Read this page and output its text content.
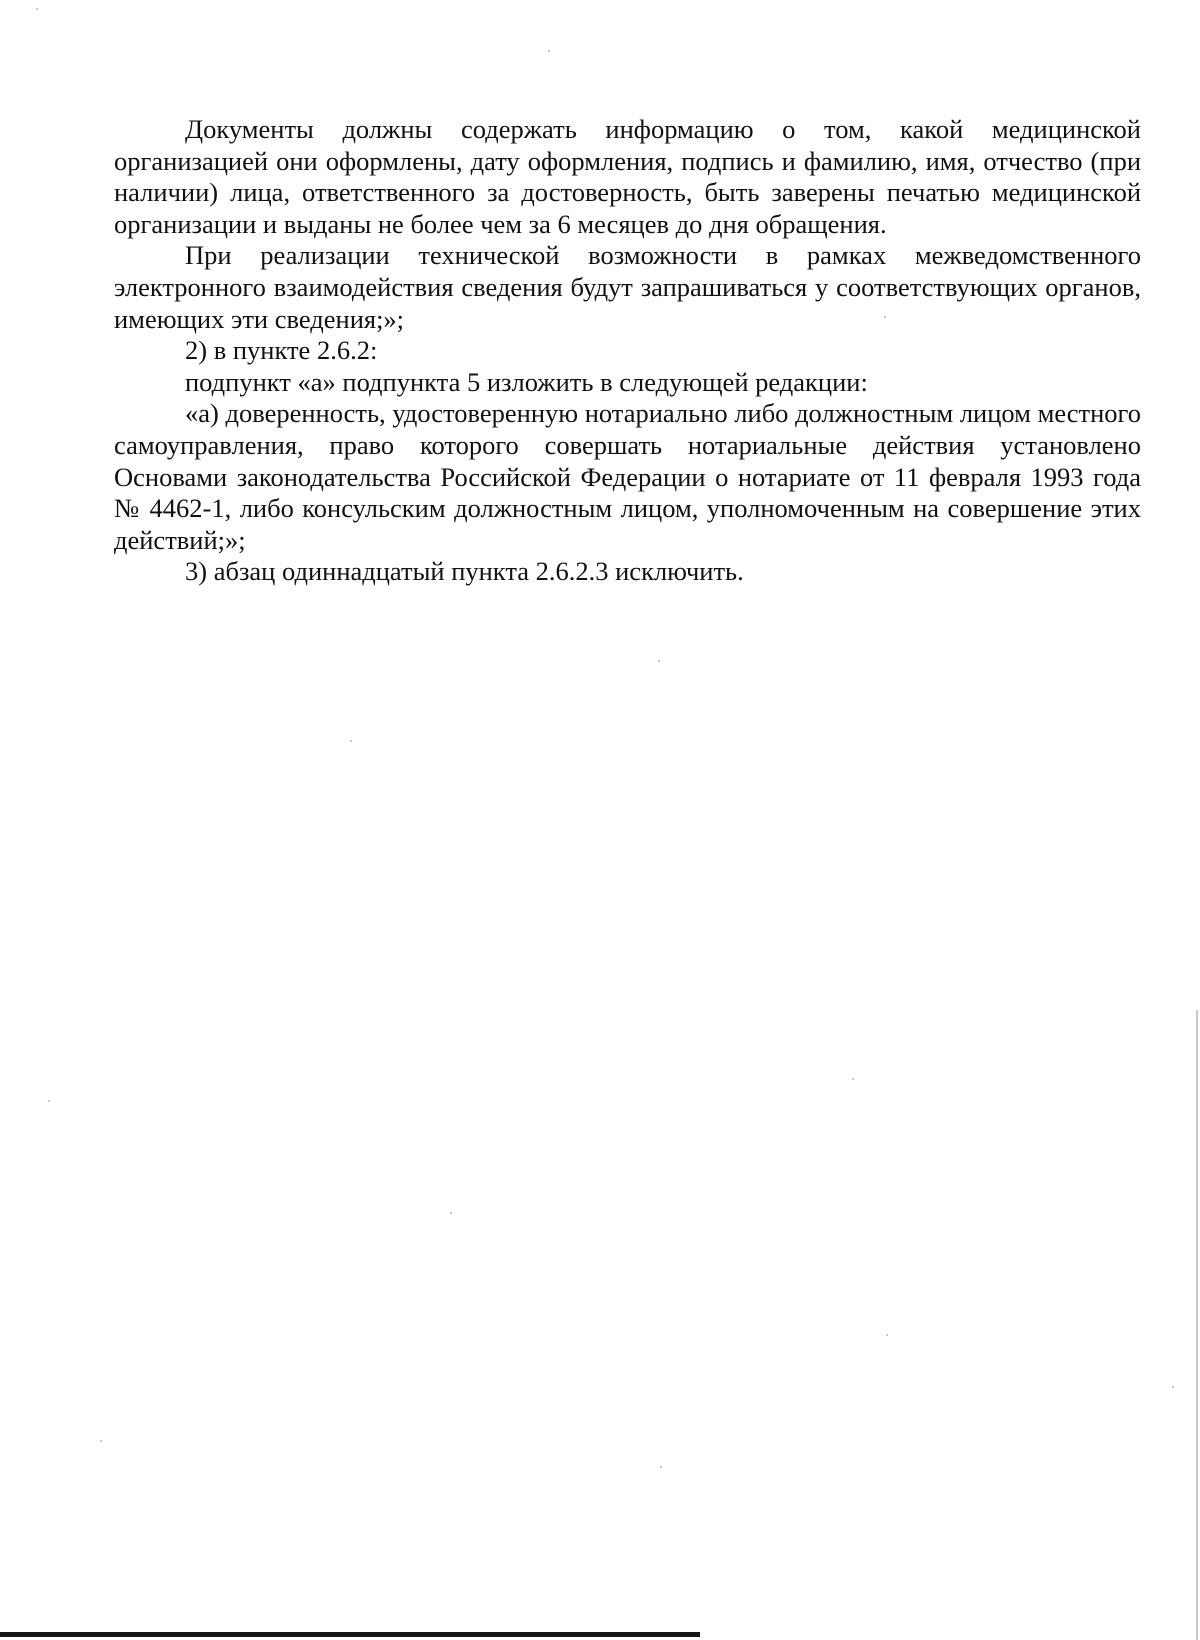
Документы должны содержать информацию о том, какой медицинской организацией они оформлены, дату оформления, подпись и фамилию, имя, отчество (при наличии) лица, ответственного за достоверность, быть заверены печатью медицинской организации и выданы не более чем за 6 месяцев до дня обращения.

При реализации технической возможности в рамках межведомственного электронного взаимодействия сведения будут запрашиваться у соответствующих органов, имеющих эти сведения;»;

2) в пункте 2.6.2:

подпункт «а» подпункта 5 изложить в следующей редакции:

«а) доверенность, удостоверенную нотариально либо должностным лицом местного самоуправления, право которого совершать нотариальные действия установлено Основами законодательства Российской Федерации о нотариате от 11 февраля 1993 года № 4462-1, либо консульским должностным лицом, уполномоченным на совершение этих действий;»;

3) абзац одиннадцатый пункта 2.6.2.3 исключить.
